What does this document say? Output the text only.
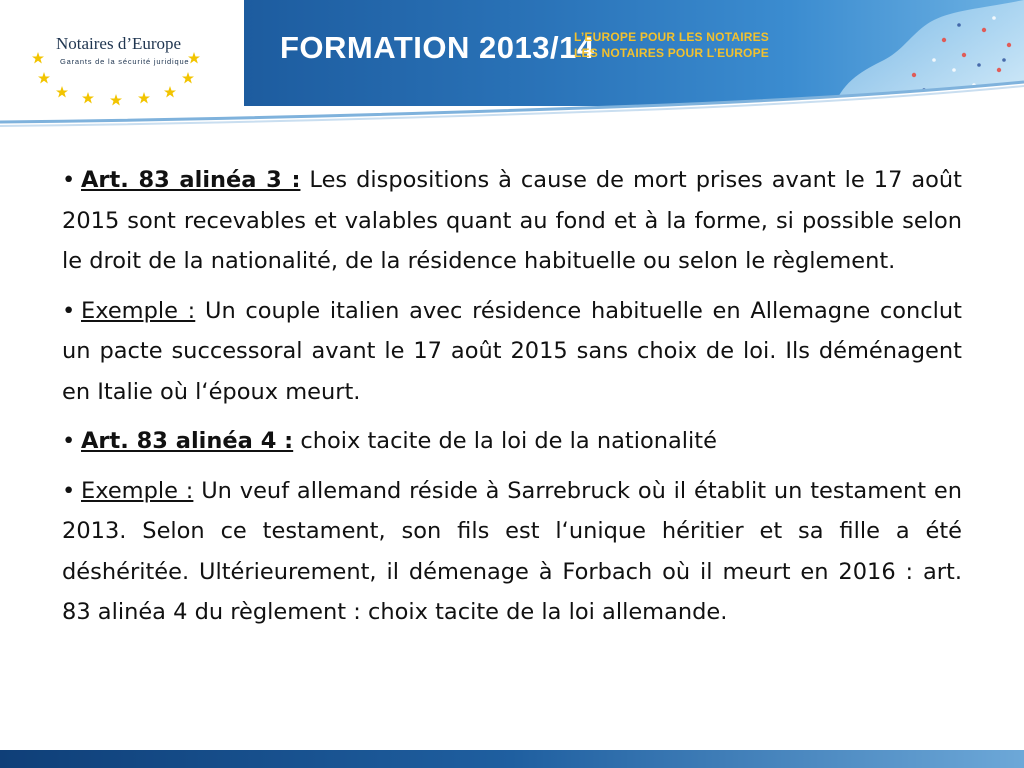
Notaires d’Europe
Garants de la sécurité juridique	FORMATION 2013/14
L’EUROPE POUR LES NOTAIRES
LES NOTAIRES POUR L’EUROPE

• Art. 83 alinéa 3 : Les dispositions à cause de mort prises avant le 17 août 2015 sont recevables et valables quant au fond et à la forme, si possible selon le droit de la nationalité, de la résidence habituelle ou selon le règlement.

• Exemple : Un couple italien avec résidence habituelle en Allemagne conclut un pacte successoral avant le 17 août 2015 sans choix de loi. Ils déménagent en Italie où l‘époux meurt.

• Art. 83 alinéa 4 : choix tacite de la loi de la nationalité

• Exemple : Un veuf allemand réside à Sarrebruck où il établit un testament en 2013. Selon ce testament, son fils est l‘unique héritier et sa fille a été déshéritée. Ultérieurement, il démenage à Forbach où il meurt en 2016 : art. 83 alinéa 4 du règlement : choix tacite de la loi allemande.
